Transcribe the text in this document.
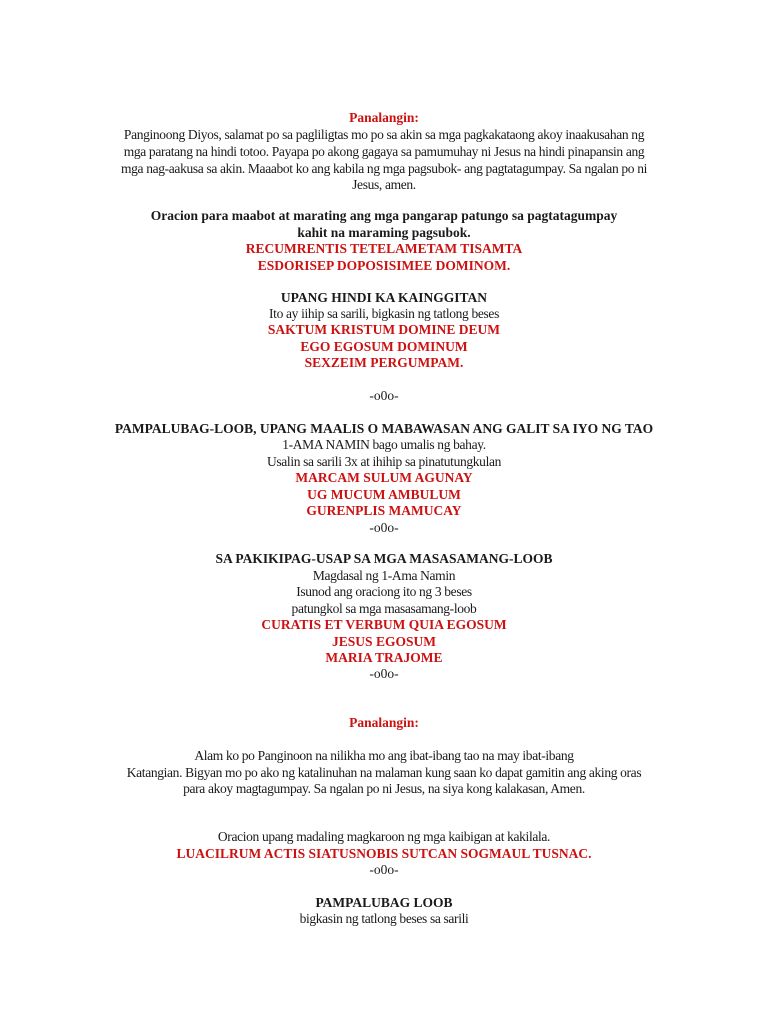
Panalangin:
Panginoong Diyos, salamat po sa pagliligtas mo po sa akin sa mga pagkakataong akoy inaakusahan ng
mga paratang na hindi totoo. Payapa po akong gagaya sa pamumuhay ni Jesus na hindi pinapansin ang
mga nag-aakusa sa akin. Maaabot ko ang kabila ng mga pagsubok- ang pagtatagumpay. Sa ngalan po ni
Jesus, amen.
Oracion para maabot at marating ang mga pangarap patungo sa pagtatagumpay
kahit na maraming pagsubok.
RECUMRENTIS TETELAMETAM TISAMTA
ESDORISEP DOPOSISIMEE DOMINOM.
UPANG HINDI KA KAINGGITAN
Ito ay iihip sa sarili, bigkasin ng tatlong beses
SAKTUM KRISTUM DOMINE DEUM
EGO EGOSUM DOMINUM
SEXZEIM PERGUMPAM.
-o0o-
PAMPALUBAG-LOOB, UPANG MAALIS O MABAWASAN ANG GALIT SA IYO NG TAO
1-AMA NAMIN bago umalis ng bahay.
Usalin sa sarili 3x at ihihip sa pinatutungkulan
MARCAM SULUM AGUNAY
UG MUCUM AMBULUM
GURENPLIS MAMUCAY
-o0o-
SA PAKIKIPAG-USAP SA MGA MASASAMANG-LOOB
Magdasal ng 1-Ama Namin
Isunod ang oraciong ito ng 3 beses
patungkol sa mga masasamang-loob
CURATIS ET VERBUM QUIA EGOSUM
JESUS EGOSUM
MARIA TRAJOME
-o0o-
Panalangin:
Alam ko po Panginoon na nilikha mo ang ibat-ibang tao na may ibat-ibang
Katangian. Bigyan mo po ako ng katalinuhan na malaman kung saan ko dapat gamitin ang aking oras
para akoy magtagumpay. Sa ngalan po ni Jesus, na siya kong kalakasan, Amen.
Oracion upang madaling magkaroon ng mga kaibigan at kakilala.
LUACILRUM ACTIS SIATUSNOBIS SUTCAN SOGMAUL TUSNAC.
-o0o-
PAMPALUBAG LOOB
bigkasin ng tatlong beses sa sarili
